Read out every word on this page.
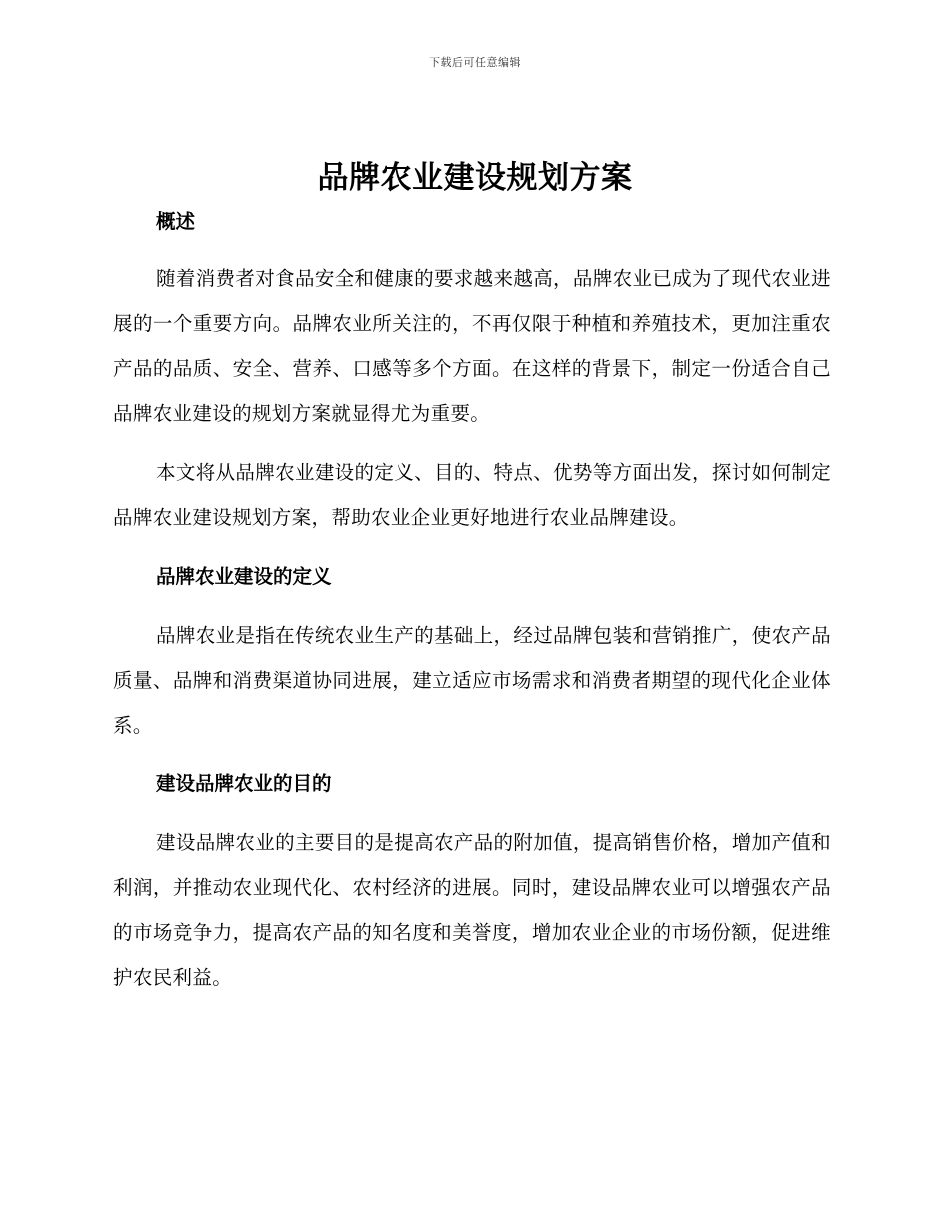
下载后可任意编辑
品牌农业建设规划方案
概述

随着消费者对食品安全和健康的要求越来越高，品牌农业已成为了现代农业进展的一个重要方向。品牌农业所关注的，不再仅限于种植和养殖技术，更加注重农产品的品质、安全、营养、口感等多个方面。在这样的背景下，制定一份适合自己品牌农业建设的规划方案就显得尤为重要。

本文将从品牌农业建设的定义、目的、特点、优势等方面出发，探讨如何制定品牌农业建设规划方案，帮助农业企业更好地进行农业品牌建设。

品牌农业建设的定义

品牌农业是指在传统农业生产的基础上，经过品牌包装和营销推广，使农产品质量、品牌和消费渠道协同进展，建立适应市场需求和消费者期望的现代化企业体系。

建设品牌农业的目的

建设品牌农业的主要目的是提高农产品的附加值，提高销售价格，增加产值和利润，并推动农业现代化、农村经济的进展。同时，建设品牌农业可以增强农产品的市场竞争力，提高农产品的知名度和美誉度，增加农业企业的市场份额，促进维护农民利益。
